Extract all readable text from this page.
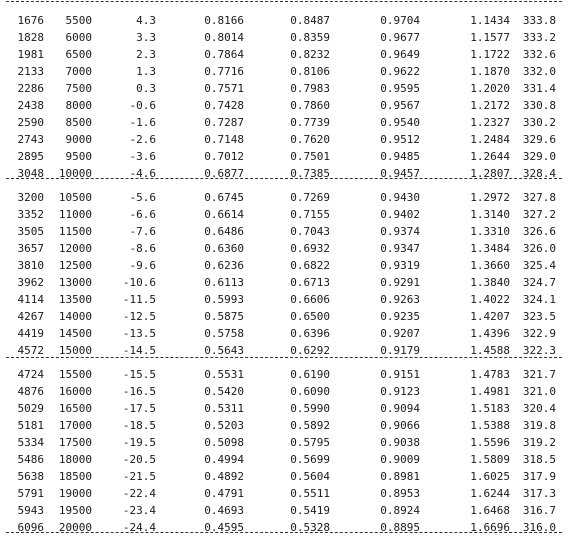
1676	5500	4.3	0.8166	0.8487	0.9704	1.1434	333.8
1828	6000	3.3	0.8014	0.8359	0.9677	1.1577	333.2
1981	6500	2.3	0.7864	0.8232	0.9649	1.1722	332.6
2133	7000	1.3	0.7716	0.8106	0.9622	1.1870	332.0
2286	7500	0.3	0.7571	0.7983	0.9595	1.2020	331.4
2438	8000	-0.6	0.7428	0.7860	0.9567	1.2172	330.8
2590	8500	-1.6	0.7287	0.7739	0.9540	1.2327	330.2
2743	9000	-2.6	0.7148	0.7620	0.9512	1.2484	329.6
2895	9500	-3.6	0.7012	0.7501	0.9485	1.2644	329.0
3048	10000	-4.6	0.6877	0.7385	0.9457	1.2807	328.4
3200	10500	-5.6	0.6745	0.7269	0.9430	1.2972	327.8
3352	11000	-6.6	0.6614	0.7155	0.9402	1.3140	327.2
3505	11500	-7.6	0.6486	0.7043	0.9374	1.3310	326.6
3657	12000	-8.6	0.6360	0.6932	0.9347	1.3484	326.0
3810	12500	-9.6	0.6236	0.6822	0.9319	1.3660	325.4
3962	13000	-10.6	0.6113	0.6713	0.9291	1.3840	324.7
4114	13500	-11.5	0.5993	0.6606	0.9263	1.4022	324.1
4267	14000	-12.5	0.5875	0.6500	0.9235	1.4207	323.5
4419	14500	-13.5	0.5758	0.6396	0.9207	1.4396	322.9
4572	15000	-14.5	0.5643	0.6292	0.9179	1.4588	322.3
4724	15500	-15.5	0.5531	0.6190	0.9151	1.4783	321.7
4876	16000	-16.5	0.5420	0.6090	0.9123	1.4981	321.0
5029	16500	-17.5	0.5311	0.5990	0.9094	1.5183	320.4
5181	17000	-18.5	0.5203	0.5892	0.9066	1.5388	319.8
5334	17500	-19.5	0.5098	0.5795	0.9038	1.5596	319.2
5486	18000	-20.5	0.4994	0.5699	0.9009	1.5809	318.5
5638	18500	-21.5	0.4892	0.5604	0.8981	1.6025	317.9
5791	19000	-22.4	0.4791	0.5511	0.8953	1.6244	317.3
5943	19500	-23.4	0.4693	0.5419	0.8924	1.6468	316.7
6096	20000	-24.4	0.4595	0.5328	0.8895	1.6696	316.0
